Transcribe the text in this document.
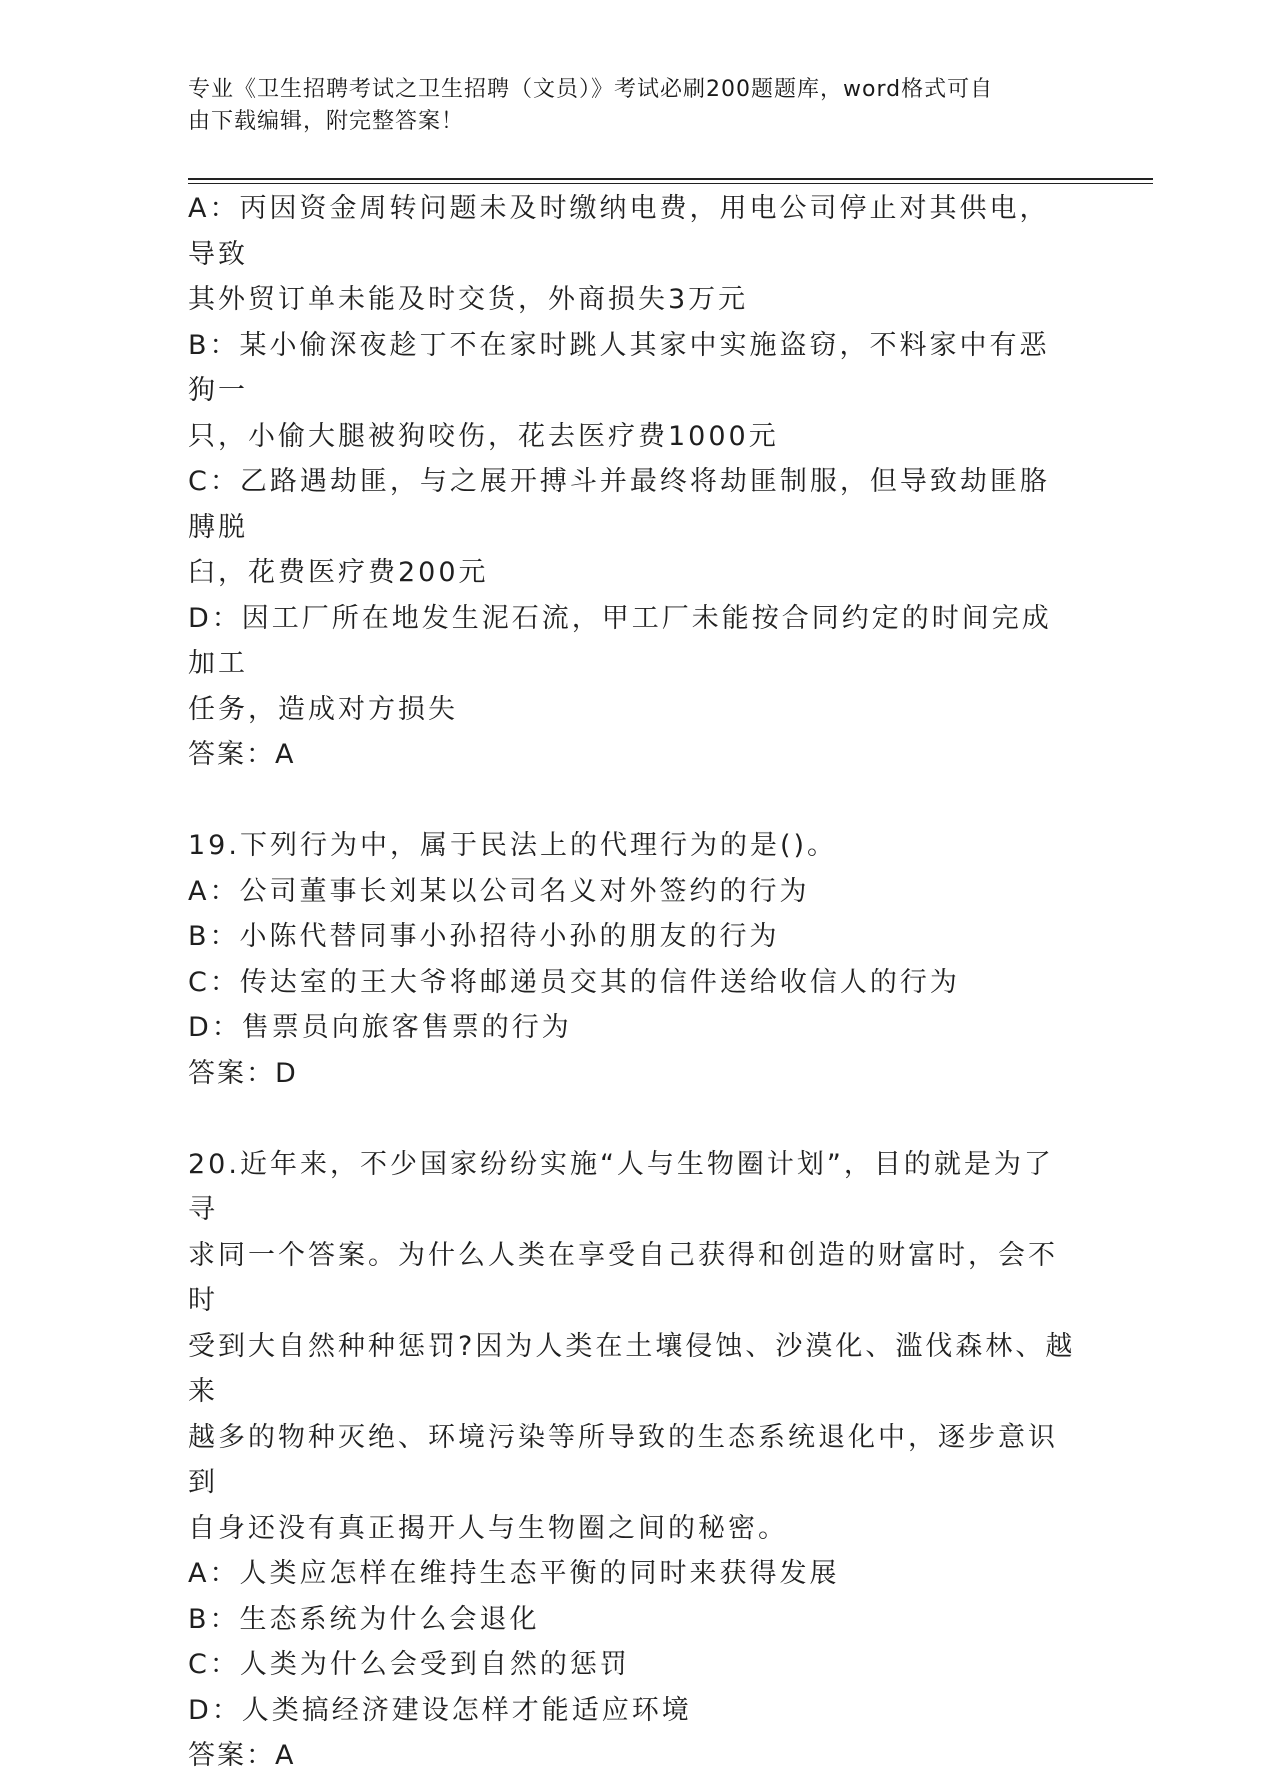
专业《卫生招聘考试之卫生招聘（文员）》考试必刷200题题库，word格式可自
由下载编辑，附完整答案！
A：丙因资金周转问题未及时缴纳电费，用电公司停止对其供电，导致
其外贸订单未能及时交货，外商损失3万元
B：某小偷深夜趁丁不在家时跳人其家中实施盗窃，不料家中有恶狗一
只，小偷大腿被狗咬伤，花去医疗费1000元
C：乙路遇劫匪，与之展开搏斗并最终将劫匪制服，但导致劫匪胳膊脱
臼，花费医疗费200元
D：因工厂所在地发生泥石流，甲工厂未能按合同约定的时间完成加工
任务，造成对方损失
答案：A
19.下列行为中，属于民法上的代理行为的是()。
A：公司董事长刘某以公司名义对外签约的行为
B：小陈代替同事小孙招待小孙的朋友的行为
C：传达室的王大爷将邮递员交其的信件送给收信人的行为
D：售票员向旅客售票的行为
答案：D
20.近年来，不少国家纷纷实施“人与生物圈计划”，目的就是为了寻
求同一个答案。为什么人类在享受自己获得和创造的财富时，会不时
受到大自然种种惩罚?因为人类在土壤侵蚀、沙漠化、滥伐森林、越来
越多的物种灭绝、环境污染等所导致的生态系统退化中，逐步意识到
自身还没有真正揭开人与生物圈之间的秘密。
A：人类应怎样在维持生态平衡的同时来获得发展
B：生态系统为什么会退化
C：人类为什么会受到自然的惩罚
D：人类搞经济建设怎样才能适应环境
答案：A
